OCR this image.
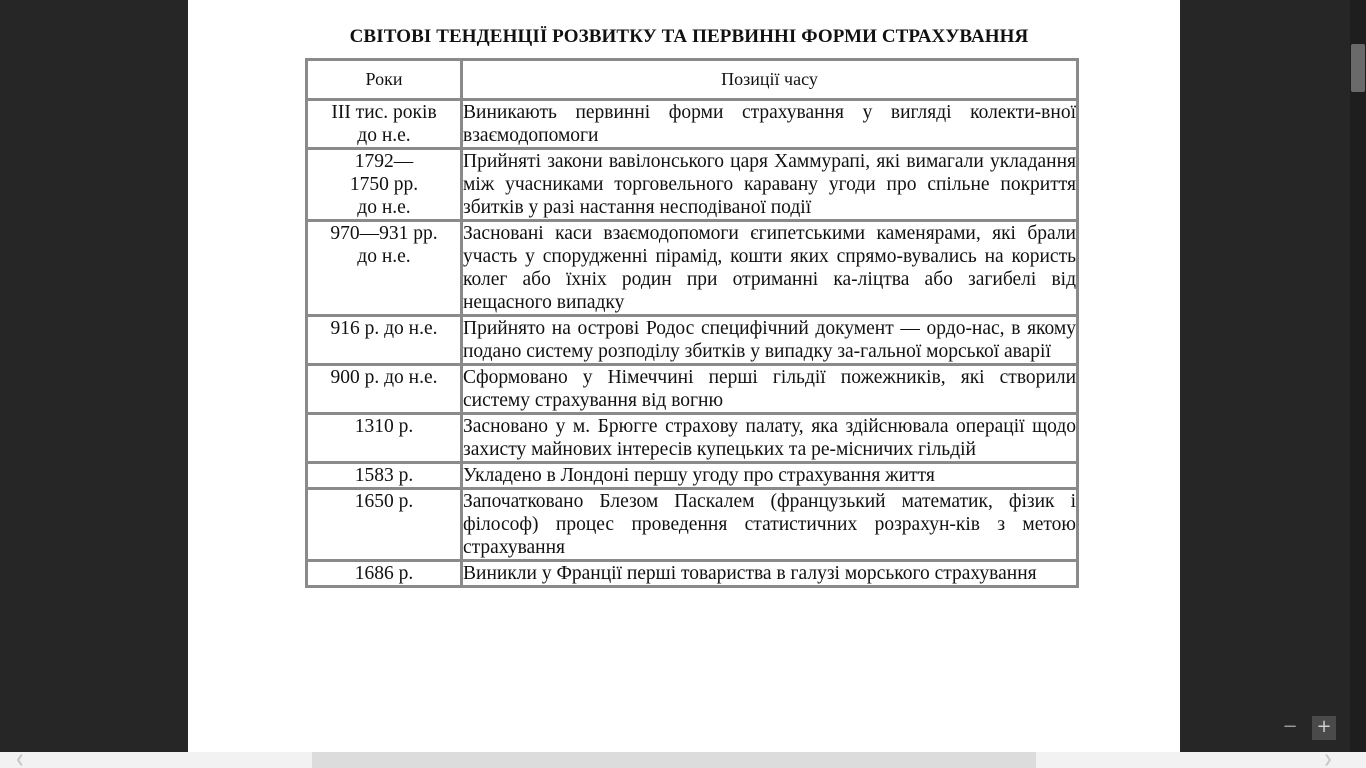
СВІТОВІ ТЕНДЕНЦІЇ РОЗВИТКУ ТА ПЕРВИННІ ФОРМИ СТРАХУВАННЯ
Роки	Позиції часу
III тис. років
до н.е.	Виникають первинні форми страхування у вигляді колекти-вної взаємодопомоги
1792—
1750 рр.
до н.е.	Прийняті закони вавілонського царя Хаммурапі, які вимагали укладання між учасниками торговельного каравану угоди про спільне покриття збитків у разі настання несподіваної події
970—931 рр.
до н.е.	Засновані каси взаємодопомоги єгипетськими каменярами, які брали участь у спорудженні пірамід, кошти яких спрямо-вувались на користь колег або їхніх родин при отриманні ка-ліцтва або загибелі від нещасного випадку
916 р. до н.е.	Прийнято на острові Родос специфічний документ — ордо-нас, в якому подано систему розподілу збитків у випадку за-гальної морської аварії
900 р. до н.е.	Сформовано у Німеччині перші гільдії пожежників, які створили систему страхування від вогню
1310 р.	Засновано у м. Брюгге страхову палату, яка здійснювала операції щодо захисту майнових інтересів купецьких та ре-місничих гільдій
1583 р.	Укладено в Лондоні першу угоду про страхування життя
1650 р.	Започатковано Блезом Паскалем (французький математик, фізик і філософ) процес проведення статистичних розрахун-ків з метою страхування
1686 р.	Виникли у Франції перші товариства в галузі морського страхування
❮	❯
− +
